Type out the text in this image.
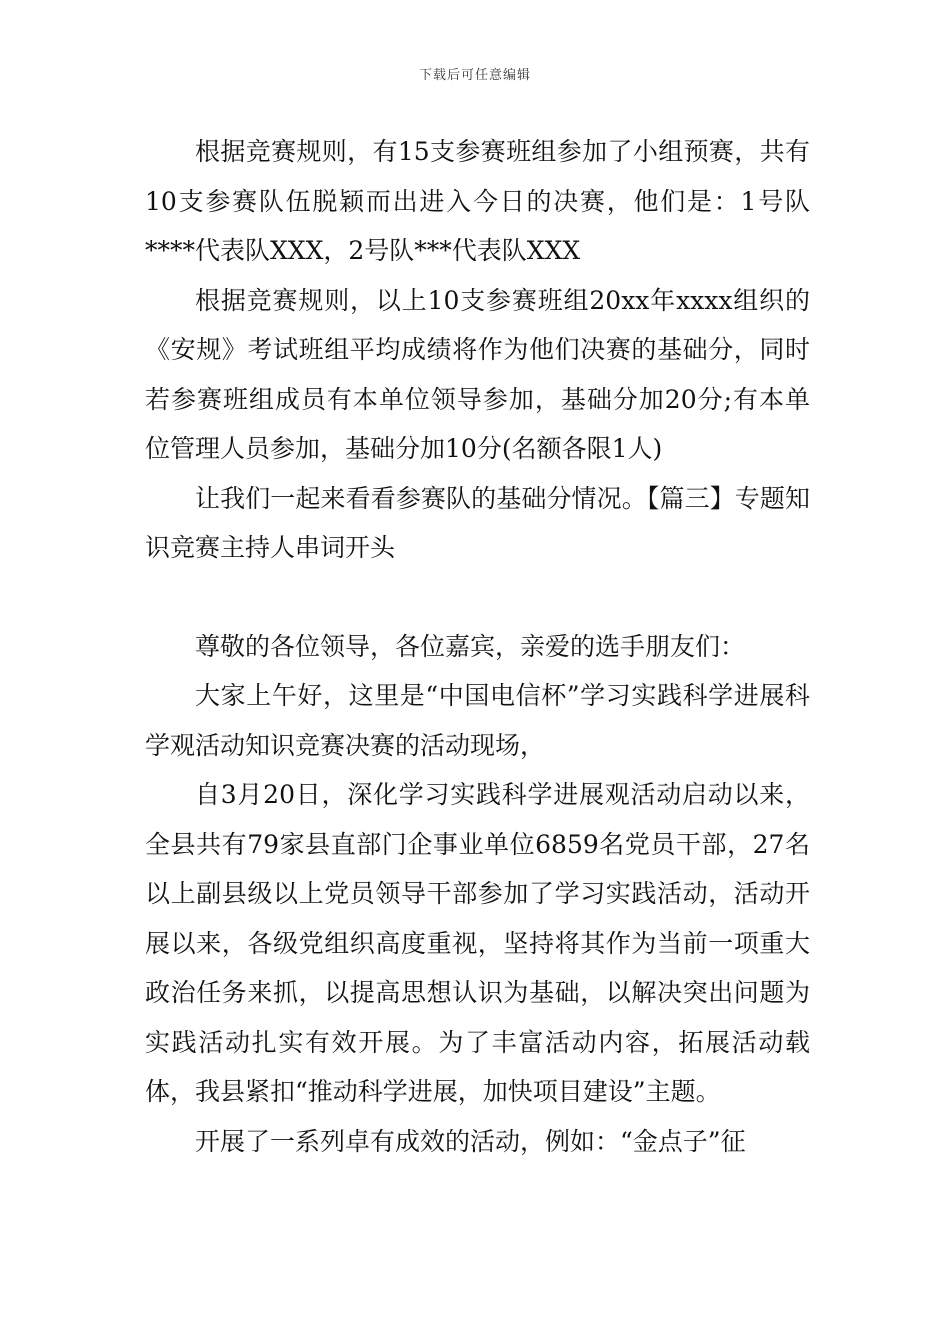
下载后可任意编辑

根据竞赛规则，有15支参赛班组参加了小组预赛，共有10支参赛队伍脱颖而出进入今日的决赛，他们是：1号队****代表队XXX，2号队***代表队XXX

根据竞赛规则，以上10支参赛班组20xx年xxxx组织的《安规》考试班组平均成绩将作为他们决赛的基础分，同时若参赛班组成员有本单位领导参加，基础分加20分;有本单位管理人员参加，基础分加10分(名额各限1人)

让我们一起来看看参赛队的基础分情况。【篇三】专题知识竞赛主持人串词开头

尊敬的各位领导，各位嘉宾，亲爱的选手朋友们：

大家上午好，这里是“中国电信杯”学习实践科学进展科学观活动知识竞赛决赛的活动现场，

自3月20日，深化学习实践科学进展观活动启动以来，全县共有79家县直部门企事业单位6859名党员干部，27名以上副县级以上党员领导干部参加了学习实践活动，活动开展以来，各级党组织高度重视，坚持将其作为当前一项重大政治任务来抓，以提高思想认识为基础，以解决突出问题为实践活动扎实有效开展。为了丰富活动内容，拓展活动载体，我县紧扣“推动科学进展，加快项目建设”主题。

开展了一系列卓有成效的活动，例如：“金点子”征
